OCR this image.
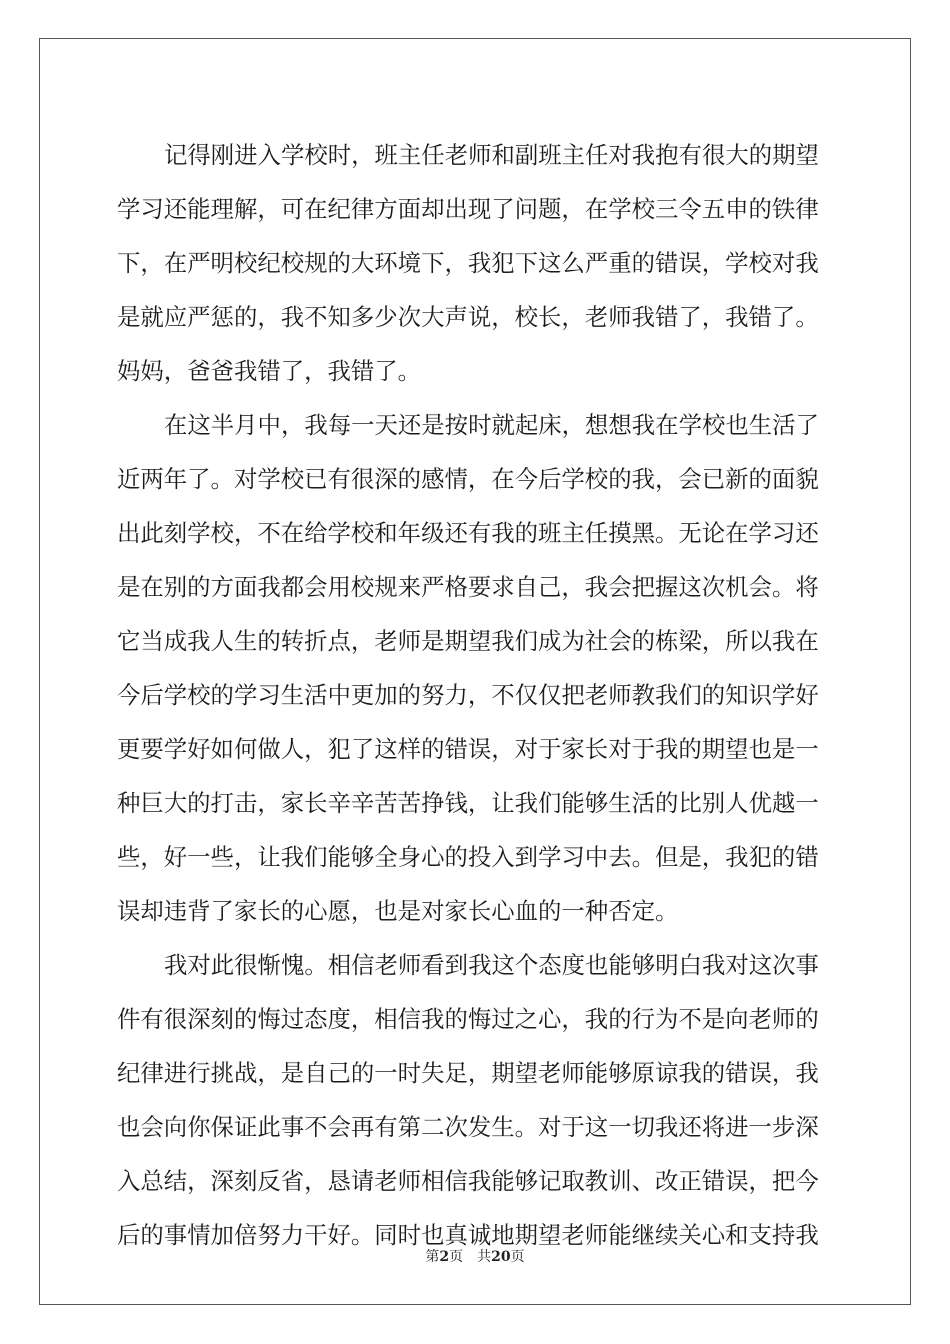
记得刚进入学校时，班主任老师和副班主任对我抱有很大的期望
学习还能理解，可在纪律方面却出现了问题，在学校三令五申的铁律
下，在严明校纪校规的大环境下，我犯下这么严重的错误，学校对我
是就应严惩的，我不知多少次大声说，校长，老师我错了，我错了。
妈妈，爸爸我错了，我错了。
在这半月中，我每一天还是按时就起床，想想我在学校也生活了
近两年了。对学校已有很深的感情，在今后学校的我，会已新的面貌
出此刻学校，不在给学校和年级还有我的班主任摸黑。无论在学习还
是在别的方面我都会用校规来严格要求自己，我会把握这次机会。将
它当成我人生的转折点，老师是期望我们成为社会的栋梁，所以我在
今后学校的学习生活中更加的努力，不仅仅把老师教我们的知识学好
更要学好如何做人，犯了这样的错误，对于家长对于我的期望也是一
种巨大的打击，家长辛辛苦苦挣钱，让我们能够生活的比别人优越一
些，好一些，让我们能够全身心的投入到学习中去。但是，我犯的错
误却违背了家长的心愿，也是对家长心血的一种否定。
我对此很惭愧。相信老师看到我这个态度也能够明白我对这次事
件有很深刻的悔过态度，相信我的悔过之心，我的行为不是向老师的
纪律进行挑战，是自己的一时失足，期望老师能够原谅我的错误，我
也会向你保证此事不会再有第二次发生。对于这一切我还将进一步深
入总结，深刻反省，恳请老师相信我能够记取教训、改正错误，把今
后的事情加倍努力干好。同时也真诚地期望老师能继续关心和支持我
第2页 共20页
